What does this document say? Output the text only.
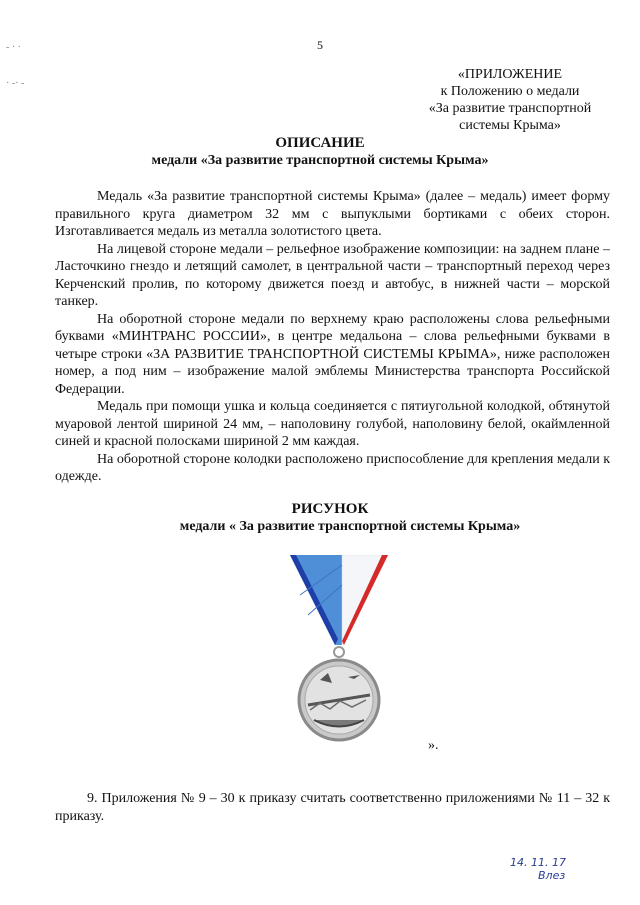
- · ·
· -· -
5
«ПРИЛОЖЕНИЕ
к Положению о медали
«За развитие транспортной
системы Крыма»
ОПИСАНИЕ
медали «За развитие транспортной системы Крыма»

Медаль «За развитие транспортной системы Крыма» (далее – медаль) имеет форму правильного круга диаметром 32 мм с выпуклыми бортиками с обеих сторон. Изготавливается медаль из металла золотистого цвета.

На лицевой стороне медали – рельефное изображение композиции: на заднем плане – Ласточкино гнездо и летящий самолет, в центральной части – транспортный переход через Керченский пролив, по которому движется поезд и автобус, в нижней части – морской танкер.

На оборотной стороне медали по верхнему краю расположены слова рельефными буквами «МИНТРАНС РОССИИ», в центре медальона – слова рельефными буквами в четыре строки «ЗА РАЗВИТИЕ ТРАНСПОРТНОЙ СИСТЕМЫ КРЫМА», ниже расположен номер, а под ним – изображение малой эмблемы Министерства транспорта Российской Федерации.

Медаль при помощи ушка и кольца соединяется с пятиугольной колодкой, обтянутой муаровой лентой шириной 24 мм, – наполовину голубой, наполовину белой, окаймленной синей и красной полосками шириной 2 мм каждая.

На оборотной стороне колодки расположено приспособление для крепления медали к одежде.

РИСУНОК
медали « За развитие транспортной системы Крыма»
».

9. Приложения № 9 – 30 к приказу считать соответственно приложениями № 11 – 32 к приказу.

14. 11. 17
Влез
